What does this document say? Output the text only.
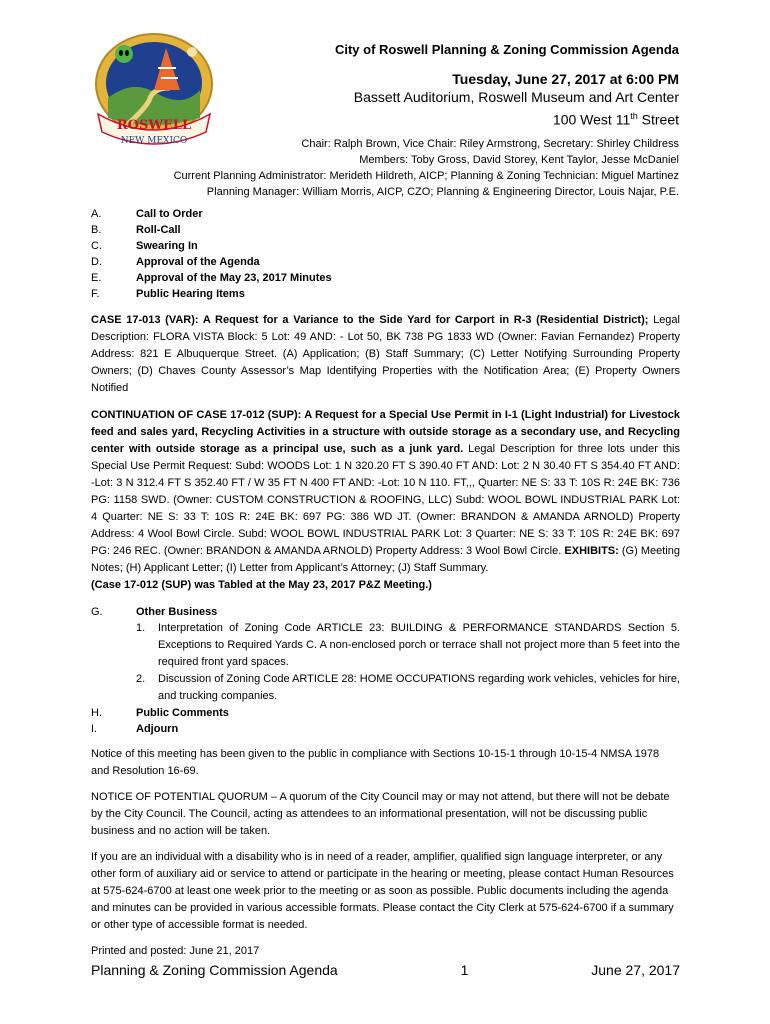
ROSWELL
NEW MEXICO
City of Roswell Planning & Zoning Commission Agenda
Tuesday, June 27, 2017 at 6:00 PM
Bassett Auditorium, Roswell Museum and Art Center
100 West 11th Street
Chair: Ralph Brown, Vice Chair: Riley Armstrong, Secretary: Shirley Childress
Members: Toby Gross, David Storey, Kent Taylor, Jesse McDaniel
Current Planning Administrator: Merideth Hildreth, AICP; Planning & Zoning Technician: Miguel Martinez
Planning Manager: William Morris, AICP, CZO; Planning & Engineering Director, Louis Najar, P.E.
A.	Call to Order
B.	Roll-Call
C.	Swearing In
D.	Approval of the Agenda
E.	Approval of the May 23, 2017 Minutes
F.	Public Hearing Items
CASE 17-013 (VAR): A Request for a Variance to the Side Yard for Carport in R-3 (Residential District); Legal Description: FLORA VISTA Block: 5 Lot: 49 AND: - Lot 50, BK 738 PG 1833 WD (Owner: Favian Fernandez) Property Address: 821 E Albuquerque Street. (A) Application; (B) Staff Summary; (C) Letter Notifying Surrounding Property Owners; (D) Chaves County Assessor’s Map Identifying Properties with the Notification Area; (E) Property Owners Notified
CONTINUATION OF CASE 17-012 (SUP): A Request for a Special Use Permit in I-1 (Light Industrial) for Livestock feed and sales yard, Recycling Activities in a structure with outside storage as a secondary use, and Recycling center with outside storage as a principal use, such as a junk yard. Legal Description for three lots under this Special Use Permit Request: Subd: WOODS Lot: 1 N 320.20 FT S 390.40 FT AND: Lot: 2 N 30.40 FT S 354.40 FT AND: -Lot: 3 N 312.4 FT S 352.40 FT / W 35 FT N 400 FT AND: -Lot: 10 N 110. FT,,, Quarter: NE S: 33 T: 10S R: 24E BK: 736 PG: 1158 SWD. (Owner: CUSTOM CONSTRUCTION & ROOFING, LLC) Subd: WOOL BOWL INDUSTRIAL PARK Lot: 4 Quarter: NE S: 33 T: 10S R: 24E BK: 697 PG: 386 WD JT. (Owner: BRANDON & AMANDA ARNOLD) Property Address: 4 Wool Bowl Circle. Subd: WOOL BOWL INDUSTRIAL PARK Lot: 3 Quarter: NE S: 33 T: 10S R: 24E BK: 697 PG: 246 REC. (Owner: BRANDON & AMANDA ARNOLD) Property Address: 3 Wool Bowl Circle. EXHIBITS: (G) Meeting Notes; (H) Applicant Letter; (I) Letter from Applicant’s Attorney; (J) Staff Summary.
(Case 17-012 (SUP) was Tabled at the May 23, 2017 P&Z Meeting.)
G.	Other Business
1.	Interpretation of Zoning Code ARTICLE 23: BUILDING & PERFORMANCE STANDARDS Section 5. Exceptions to Required Yards C. A non-enclosed porch or terrace shall not project more than 5 feet into the required front yard spaces.
2.	Discussion of Zoning Code ARTICLE 28: HOME OCCUPATIONS regarding work vehicles, vehicles for hire, and trucking companies.
H.	Public Comments
I.	Adjourn
Notice of this meeting has been given to the public in compliance with Sections 10-15-1 through 10-15-4 NMSA 1978 and Resolution 16-69.
NOTICE OF POTENTIAL QUORUM – A quorum of the City Council may or may not attend, but there will not be debate by the City Council. The Council, acting as attendees to an informational presentation, will not be discussing public business and no action will be taken.
If you are an individual with a disability who is in need of a reader, amplifier, qualified sign language interpreter, or any other form of auxiliary aid or service to attend or participate in the hearing or meeting, please contact Human Resources at 575-624-6700 at least one week prior to the meeting or as soon as possible. Public documents including the agenda and minutes can be provided in various accessible formats. Please contact the City Clerk at 575-624-6700 if a summary or other type of accessible format is needed.
Printed and posted: June 21, 2017
Planning & Zoning Commission Agenda	1	June 27, 2017
